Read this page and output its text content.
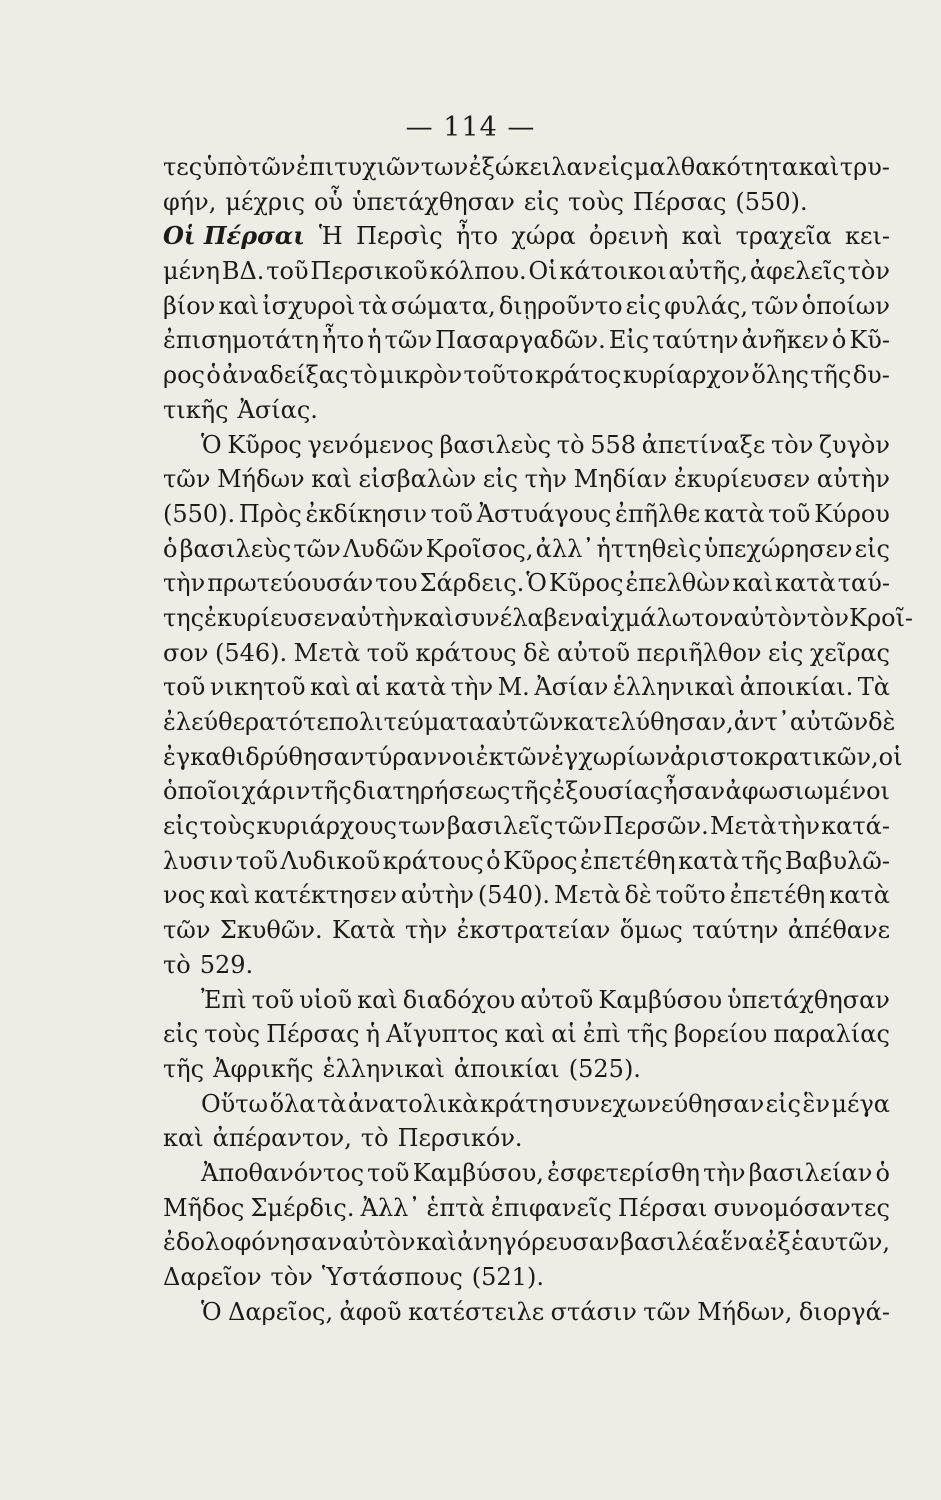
— 114 —
τες ὑπὸ τῶν ἐπιτυχιῶν των ἐξώκειλαν εἰς μαλθακότητα καὶ τρυ-
φήν, μέχρις οὗ ὑπετάχθησαν εἰς τοὺς Πέρσας (550).
Οἱ Πέρσαι Ἡ Περσὶς ἦτο χώρα ὀρεινὴ καὶ τραχεῖα κει-
μένη ΒΔ. τοῦ Περσικοῦ κόλπου. Οἱ κάτοικοι αὐτῆς, ἀφελεῖς τὸν
βίον καὶ ἰσχυροὶ τὰ σώματα, διῃροῦντο εἰς φυλάς, τῶν ὁποίων
ἐπισημοτάτη ἦτο ἡ τῶν Πασαργαδῶν. Εἰς ταύτην ἀνῆκεν ὁ Κῦ-
ρος ὁ ἀναδείξας τὸ μικρὸν τοῦτο κράτος κυρίαρχον ὅλης τῆς δυ-
τικῆς Ἀσίας.
Ὁ Κῦρος γενόμενος βασιλεὺς τὸ 558 ἀπετίναξε τὸν ζυγὸν
τῶν Μήδων καὶ εἰσβαλὼν εἰς τὴν Μηδίαν ἐκυρίευσεν αὐτὴν
(550). Πρὸς ἐκδίκησιν τοῦ Ἀστυάγους ἐπῆλθε κατὰ τοῦ Κύρου
ὁ βασιλεὺς τῶν Λυδῶν Κροῖσος, ἀλλ᾽ ἡττηθεὶς ὑπεχώρησεν εἰς
τὴν πρωτεύουσάν του Σάρδεις. Ὁ Κῦρος ἐπελθὼν καὶ κατὰ ταύ-
της ἐκυρίευσεν αὐτὴν καὶ συνέλαβεν αἰχμάλωτον αὐτὸν τὸν Κροῖ-
σον (546). Μετὰ τοῦ κράτους δὲ αὐτοῦ περιῆλθον εἰς χεῖρας
τοῦ νικητοῦ καὶ αἱ κατὰ τὴν Μ. Ἀσίαν ἑλληνικαὶ ἀποικίαι. Τὰ
ἐλεύθερα τότε πολιτεύματα αὐτῶν κατελύθησαν, ἀντ᾽ αὐτῶν δὲ
ἐγκαθιδρύθησαν τύραννοι ἐκ τῶν ἐγχωρίων ἀριστοκρατικῶν, οἱ
ὁποῖοι χάριν τῆς διατηρήσεως τῆς ἐξουσίας ἦσαν ἀφωσιωμένοι
εἰς τοὺς κυριάρχους των βασιλεῖς τῶν Περσῶν. Μετὰ τὴν κατά-
λυσιν τοῦ Λυδικοῦ κράτους ὁ Κῦρος ἐπετέθη κατὰ τῆς Βαβυλῶ-
νος καὶ κατέκτησεν αὐτὴν (540). Μετὰ δὲ τοῦτο ἐπετέθη κατὰ
τῶν Σκυθῶν. Κατὰ τὴν ἐκστρατείαν ὅμως ταύτην ἀπέθανε
τὸ 529.
Ἐπὶ τοῦ υἱοῦ καὶ διαδόχου αὐτοῦ Καμβύσου ὑπετάχθησαν
εἰς τοὺς Πέρσας ἡ Αἴγυπτος καὶ αἱ ἐπὶ τῆς βορείου παραλίας
τῆς Ἀφρικῆς ἑλληνικαὶ ἀποικίαι (525).
Οὕτω ὅλα τὰ ἀνατολικὰ κράτη συνεχωνεύθησαν εἰς ἓν μέγα
καὶ ἀπέραντον, τὸ Περσικόν.
Ἀποθανόντος τοῦ Καμβύσου, ἐσφετερίσθη τὴν βασιλείαν ὁ
Μῆδος Σμέρδις. Ἀλλ᾽ ἑπτὰ ἐπιφανεῖς Πέρσαι συνομόσαντες
ἐδολοφόνησαν αὐτὸν καὶ ἀνηγόρευσαν βασιλέα ἕνα ἐξ ἑαυτῶν,
Δαρεῖον τὸν Ὑστάσπους (521).
Ὁ Δαρεῖος, ἀφοῦ κατέστειλε στάσιν τῶν Μήδων, διοργά-
